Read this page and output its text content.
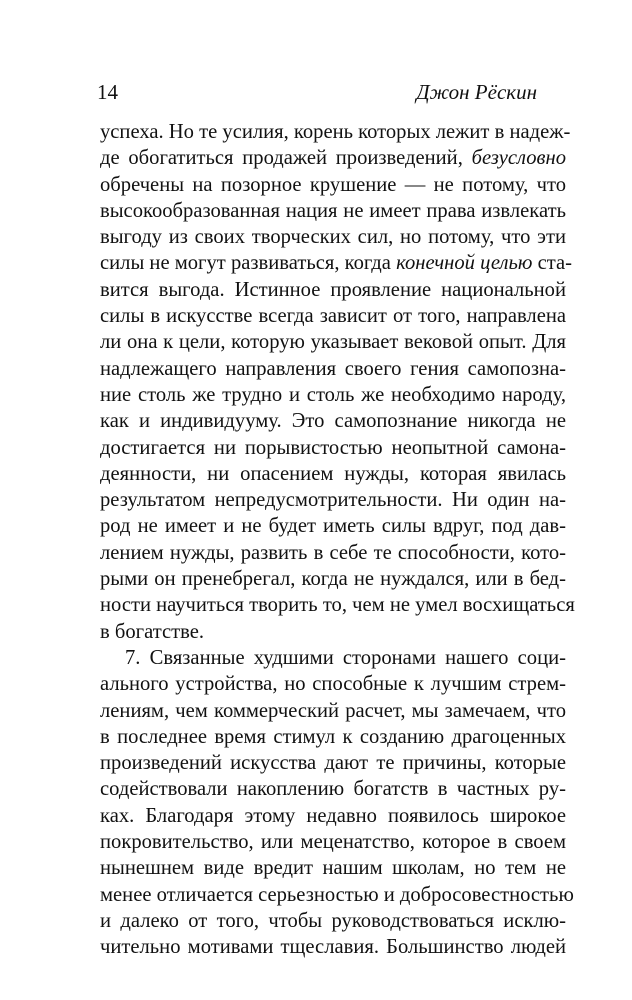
14	Джон Рёскин
успеха. Но те усилия, корень которых лежит в надеж-
де обогатиться продажей произведений, безусловно
обречены на позорное крушение — не потому, что
высокообразованная нация не имеет права извлекать
выгоду из своих творческих сил, но потому, что эти
силы не могут развиваться, когда конечной целью ста-
вится выгода. Истинное проявление национальной
силы в искусстве всегда зависит от того, направлена
ли она к цели, которую указывает вековой опыт. Для
надлежащего направления своего гения самопозна-
ние столь же трудно и столь же необходимо народу,
как и индивидууму. Это самопознание никогда не
достигается ни порывистостью неопытной самона-
деянности, ни опасением нужды, которая явилась
результатом непредусмотрительности. Ни один на-
род не имеет и не будет иметь силы вдруг, под дав-
лением нужды, развить в себе те способности, кото-
рыми он пренебрегал, когда не нуждался, или в бед-
ности научиться творить то, чем не умел восхищаться
в богатстве.
7. Связанные худшими сторонами нашего соци-
ального устройства, но способные к лучшим стрем-
лениям, чем коммерческий расчет, мы замечаем, что
в последнее время стимул к созданию драгоценных
произведений искусства дают те причины, которые
содействовали накоплению богатств в частных ру-
ках. Благодаря этому недавно появилось широкое
покровительство, или меценатство, которое в своем
нынешнем виде вредит нашим школам, но тем не
менее отличается серьезностью и добросовестностью
и далеко от того, чтобы руководствоваться исклю-
чительно мотивами тщеславия. Большинство людей
